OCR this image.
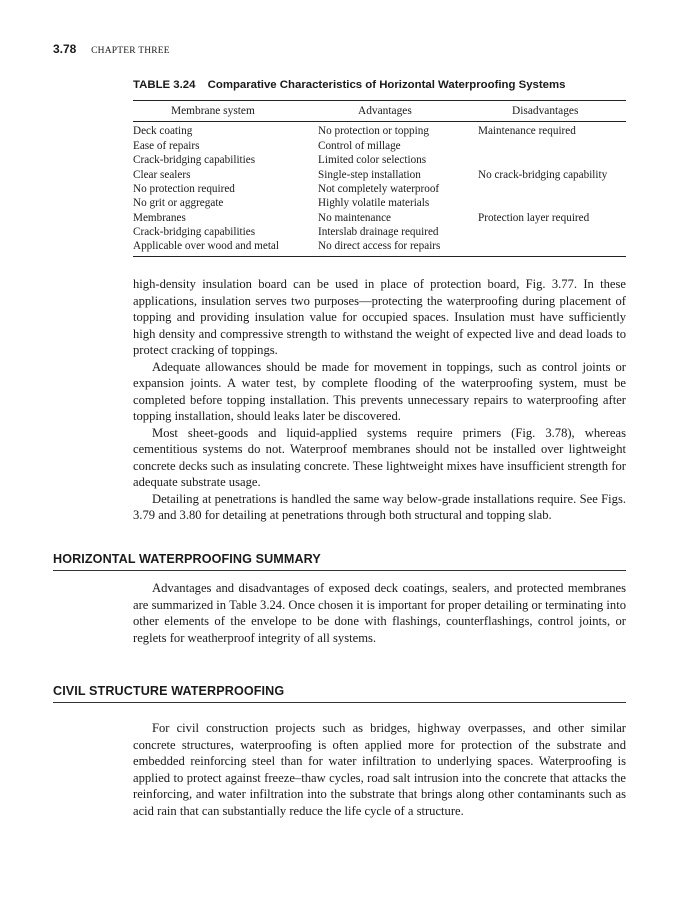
3.78 CHAPTER THREE
TABLE 3.24 Comparative Characteristics of Horizontal Waterproofing Systems
Membrane system	Advantages	Disadvantages
Deck coating	No protection or topping	Maintenance required
Ease of repairs	Control of millage
Crack-bridging capabilities	Limited color selections
Clear sealers	Single-step installation	No crack-bridging capability
No protection required	Not completely waterproof
No grit or aggregate	Highly volatile materials
Membranes	No maintenance	Protection layer required
Crack-bridging capabilities	Interslab drainage required
Applicable over wood and metal	No direct access for repairs

high-density insulation board can be used in place of protection board, Fig. 3.77. In these applications, insulation serves two purposes—protecting the waterproofing during placement of topping and providing insulation value for occupied spaces. Insulation must have sufficiently high density and compressive strength to withstand the weight of expected live and dead loads to protect cracking of toppings.

Adequate allowances should be made for movement in toppings, such as control joints or expansion joints. A water test, by complete flooding of the waterproofing system, must be completed before topping installation. This prevents unnecessary repairs to waterproofing after topping installation, should leaks later be discovered.

Most sheet-goods and liquid-applied systems require primers (Fig. 3.78), whereas cementitious systems do not. Waterproof membranes should not be installed over lightweight concrete decks such as insulating concrete. These lightweight mixes have insufficient strength for adequate substrate usage.

Detailing at penetrations is handled the same way below-grade installations require. See Figs. 3.79 and 3.80 for detailing at penetrations through both structural and topping slab.

HORIZONTAL WATERPROOFING SUMMARY

Advantages and disadvantages of exposed deck coatings, sealers, and protected membranes are summarized in Table 3.24. Once chosen it is important for proper detailing or terminating into other elements of the envelope to be done with flashings, counterflashings, control joints, or reglets for weatherproof integrity of all systems.

CIVIL STRUCTURE WATERPROOFING

For civil construction projects such as bridges, highway overpasses, and other similar concrete structures, waterproofing is often applied more for protection of the substrate and embedded reinforcing steel than for water infiltration to underlying spaces. Waterproofing is applied to protect against freeze–thaw cycles, road salt intrusion into the concrete that attacks the reinforcing, and water infiltration into the substrate that brings along other contaminants such as acid rain that can substantially reduce the life cycle of a structure.
